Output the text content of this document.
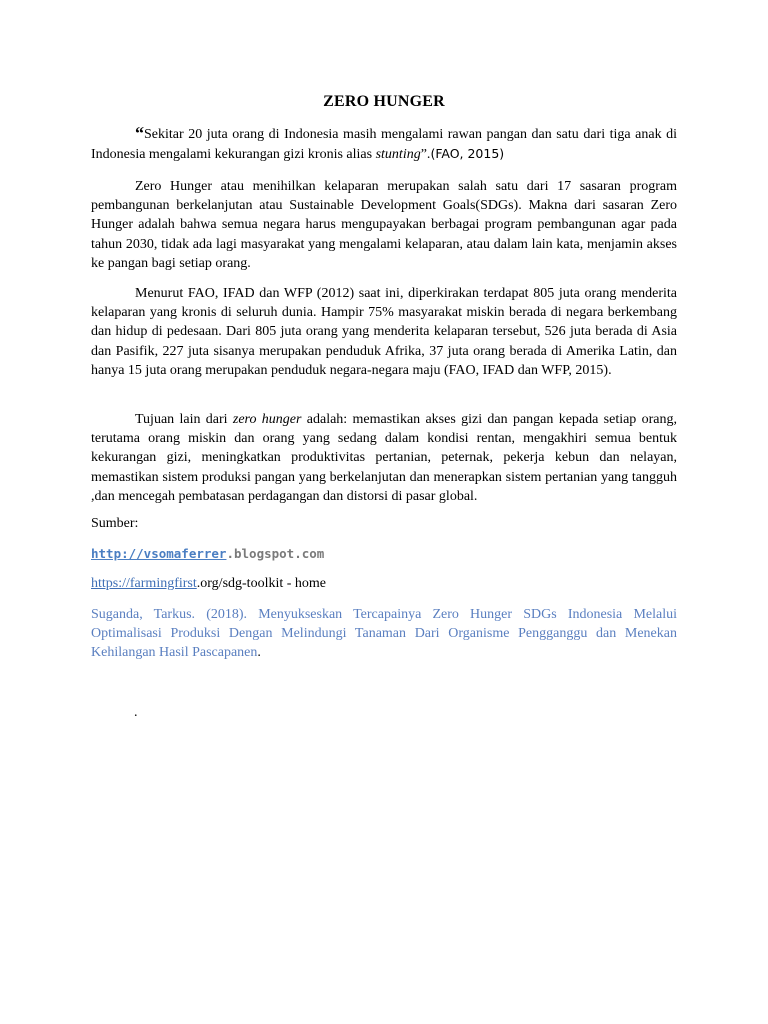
ZERO HUNGER
“Sekitar 20 juta orang di Indonesia masih mengalami rawan pangan dan satu dari tiga anak di Indonesia mengalami kekurangan gizi kronis alias stunting”.(FAO, 2015)
Zero Hunger atau menihilkan kelaparan merupakan salah satu dari 17 sasaran program pembangunan berkelanjutan atau Sustainable Development Goals(SDGs). Makna dari sasaran Zero Hunger adalah bahwa semua negara harus mengupayakan berbagai program pembangunan agar pada tahun 2030, tidak ada lagi masyarakat yang mengalami kelaparan, atau dalam lain kata, menjamin akses ke pangan bagi setiap orang.
Menurut FAO, IFAD dan WFP (2012) saat ini, diperkirakan terdapat 805 juta orang menderita kelaparan yang kronis di seluruh dunia. Hampir 75% masyarakat miskin berada di negara berkembang dan hidup di pedesaan. Dari 805 juta orang yang menderita kelaparan tersebut, 526 juta berada di Asia dan Pasifik, 227 juta sisanya merupakan penduduk Afrika, 37 juta orang berada di Amerika Latin, dan hanya 15 juta orang merupakan penduduk negara-negara maju (FAO, IFAD dan WFP, 2015).
Tujuan lain dari zero hunger adalah: memastikan akses gizi dan pangan kepada setiap orang, terutama orang miskin dan orang yang sedang dalam kondisi rentan, mengakhiri semua bentuk kekurangan gizi, meningkatkan produktivitas pertanian, peternak, pekerja kebun dan nelayan, memastikan sistem produksi pangan yang berkelanjutan dan menerapkan sistem pertanian yang tangguh ,dan mencegah pembatasan perdagangan dan distorsi di pasar global.
Sumber:
http://vsomaferrer.blogspot.com
https://farmingfirst.org/sdg-toolkit - home
Suganda, Tarkus. (2018). Menyukseskan Tercapainya Zero Hunger SDGs Indonesia Melalui Optimalisasi Produksi Dengan Melindungi Tanaman Dari Organisme Pengganggu dan Menekan Kehilangan Hasil Pascapanen.
.
